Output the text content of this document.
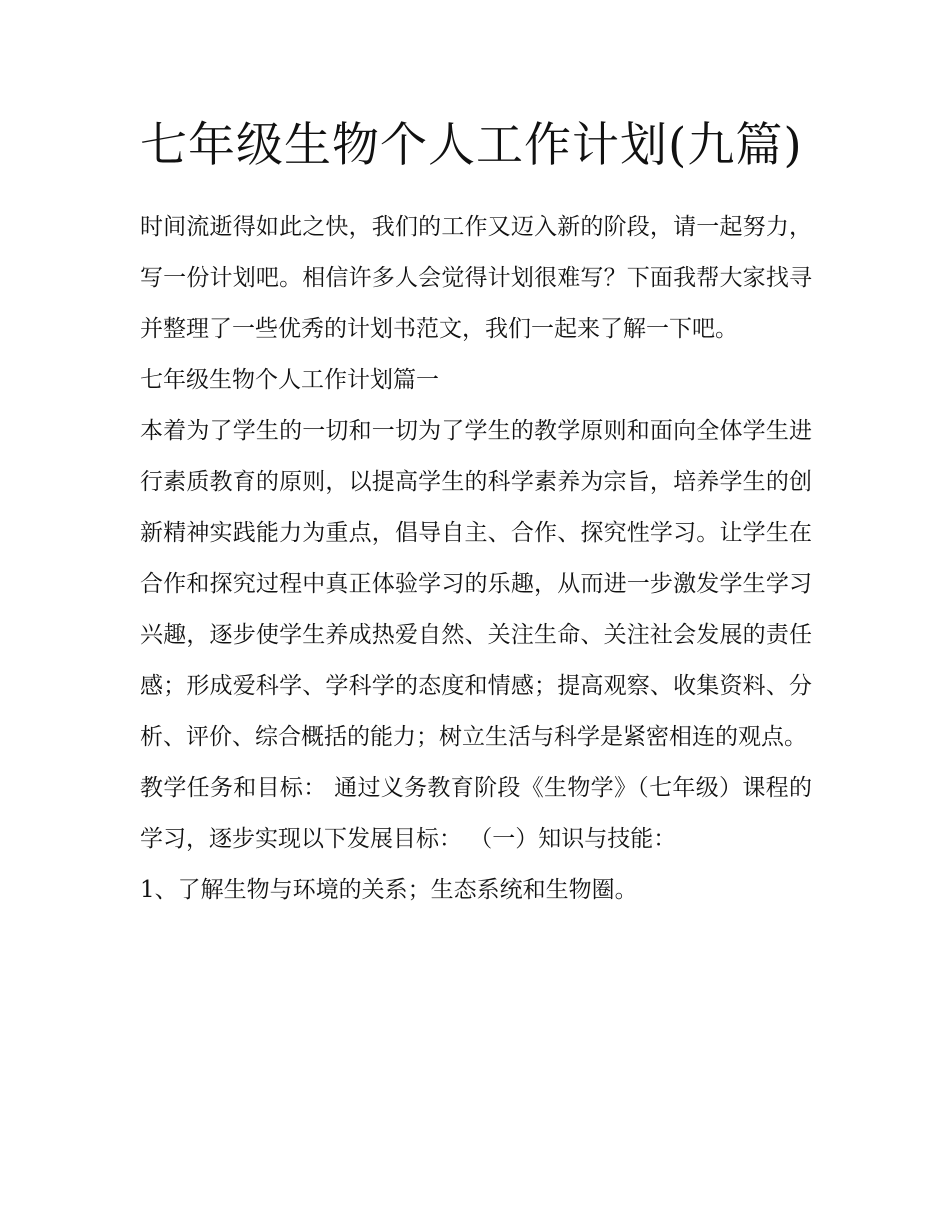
七年级生物个人工作计划(九篇)

时间流逝得如此之快，我们的工作又迈入新的阶段，请一起努力，写一份计划吧。相信许多人会觉得计划很难写？下面我帮大家找寻并整理了一些优秀的计划书范文，我们一起来了解一下吧。

七年级生物个人工作计划篇一

本着为了学生的一切和一切为了学生的教学原则和面向全体学生进行素质教育的原则，以提高学生的科学素养为宗旨，培养学生的创新精神实践能力为重点，倡导自主、合作、探究性学习。让学生在合作和探究过程中真正体验学习的乐趣，从而进一步激发学生学习兴趣，逐步使学生养成热爱自然、关注生命、关注社会发展的责任感；形成爱科学、学科学的态度和情感；提高观察、收集资料、分析、评价、综合概括的能力；树立生活与科学是紧密相连的观点。

教学任务和目标： 通过义务教育阶段《生物学》（七年级）课程的学习，逐步实现以下发展目标： （一）知识与技能：

1、了解生物与环境的关系；生态系统和生物圈。
